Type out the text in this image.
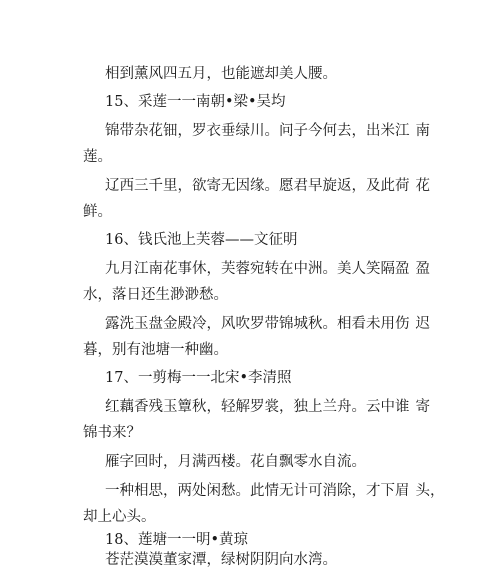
相到薰风四五月，也能遮却美人腰。
15、采莲一一南朝•梁•吴均
锦带杂花钿，罗衣垂绿川。问子今何去，出米江 南
莲。
辽西三千里，欲寄无因缘。愿君早旋返，及此荷 花
鲜。
16、钱氏池上芙蓉——文征明
九月江南花事休，芙蓉宛转在中洲。美人笑隔盈 盈
水，落日还生渺渺愁。
露洗玉盘金殿冷，风吹罗带锦城秋。相看未用伤 迟
暮，别有池塘一种幽。
17、一剪梅一一北宋•李清照
红藕香残玉簟秋，轻解罗裳，独上兰舟。云中谁 寄
锦书来？
雁字回时，月满西楼。花自飘零水自流。
一种相思，两处闲愁。此情无计可消除，才下眉 头，
却上心头。
18、莲塘一一明•黄琼
苍茫漠漠董家潭，绿树阴阴向水湾。
